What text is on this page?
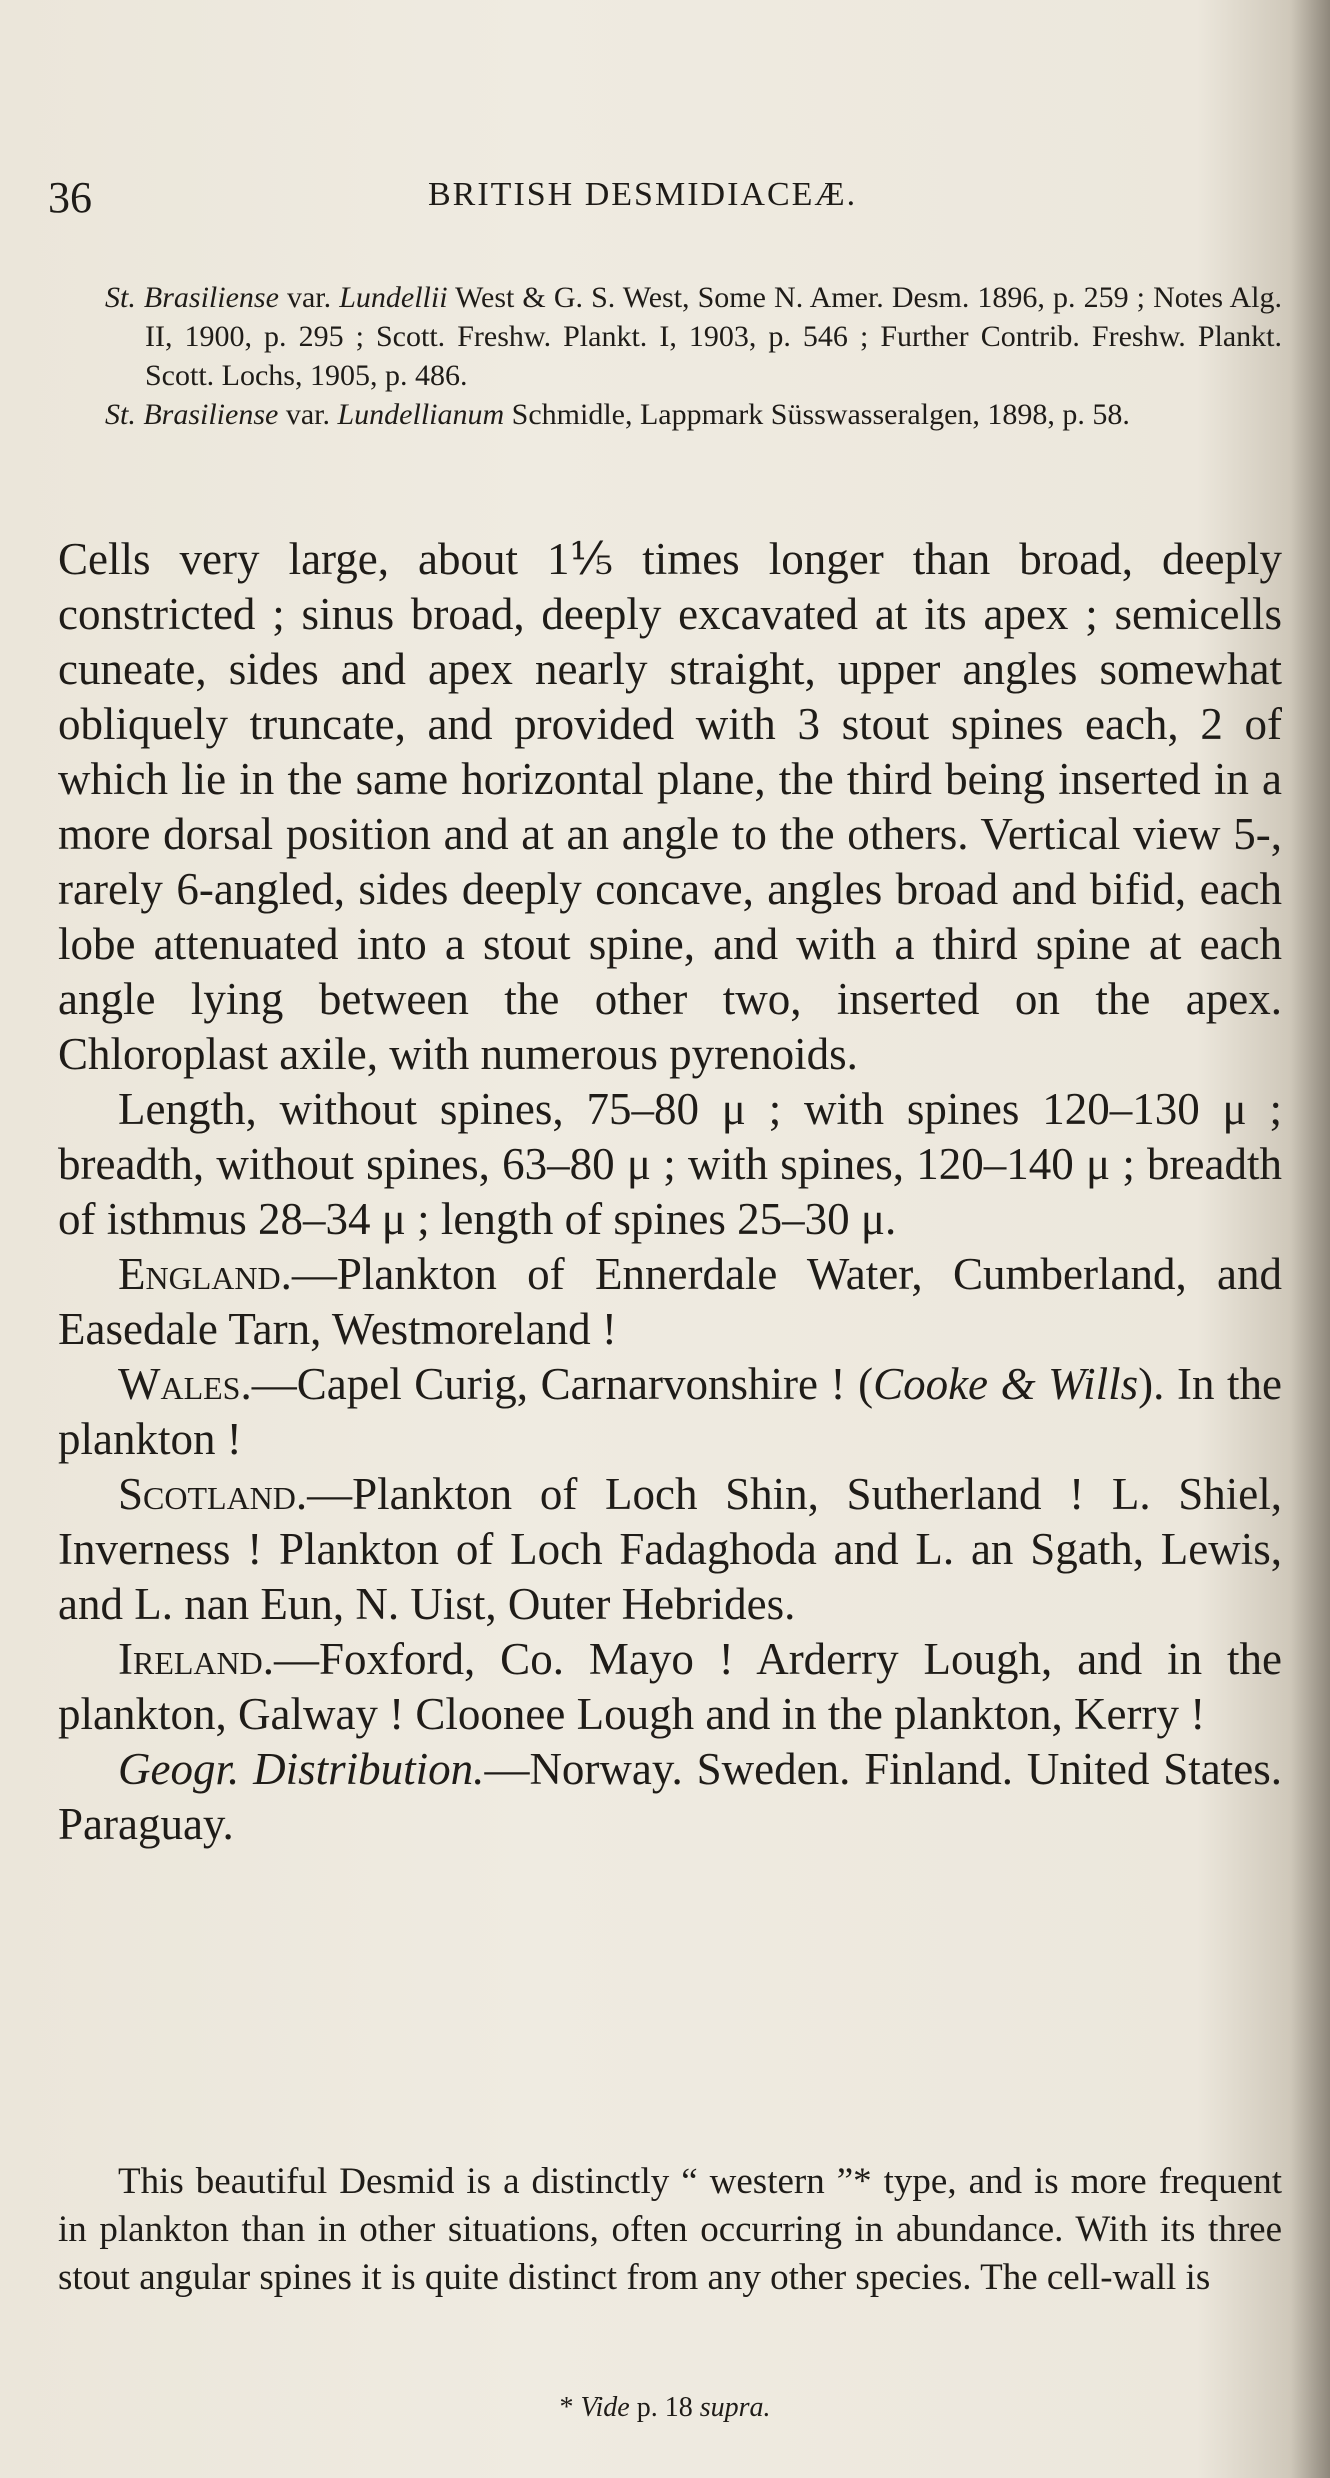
36	BRITISH DESMIDIACEÆ.
St. Brasiliense var. Lundellii West & G. S. West, Some N. Amer. Desm. 1896, p. 259 ; Notes Alg. II, 1900, p. 295 ; Scott. Freshw. Plankt. I, 1903, p. 546 ; Further Contrib. Freshw. Plankt. Scott. Lochs, 1905, p. 486.
St. Brasiliense var. Lundellianum Schmidle, Lappmark Süsswasseralgen, 1898, p. 58.

Cells very large, about 1⅕ times longer than broad, deeply constricted ; sinus broad, deeply excavated at its apex ; semicells cuneate, sides and apex nearly straight, upper angles somewhat obliquely truncate, and provided with 3 stout spines each, 2 of which lie in the same horizontal plane, the third being inserted in a more dorsal position and at an angle to the others. Vertical view 5-, rarely 6-angled, sides deeply concave, angles broad and bifid, each lobe attenuated into a stout spine, and with a third spine at each angle lying between the other two, inserted on the apex. Chloroplast axile, with numerous pyrenoids.

Length, without spines, 75–80 μ ; with spines 120–130 μ ; breadth, without spines, 63–80 μ ; with spines, 120–140 μ ; breadth of isthmus 28–34 μ ; length of spines 25–30 μ.

England.—Plankton of Ennerdale Water, Cumberland, and Easedale Tarn, Westmoreland !

Wales.—Capel Curig, Carnarvonshire ! (Cooke & Wills). In the plankton !

Scotland.—Plankton of Loch Shin, Sutherland ! L. Shiel, Inverness ! Plankton of Loch Fadaghoda and L. an Sgath, Lewis, and L. nan Eun, N. Uist, Outer Hebrides.

Ireland.—Foxford, Co. Mayo ! Arderry Lough, and in the plankton, Galway ! Cloonee Lough and in the plankton, Kerry !

Geogr. Distribution.—Norway. Sweden. Finland. United States. Paraguay.

This beautiful Desmid is a distinctly “ western ”* type, and is more frequent in plankton than in other situations, often occurring in abundance. With its three stout angular spines it is quite distinct from any other species. The cell-wall is
* Vide p. 18 supra.
